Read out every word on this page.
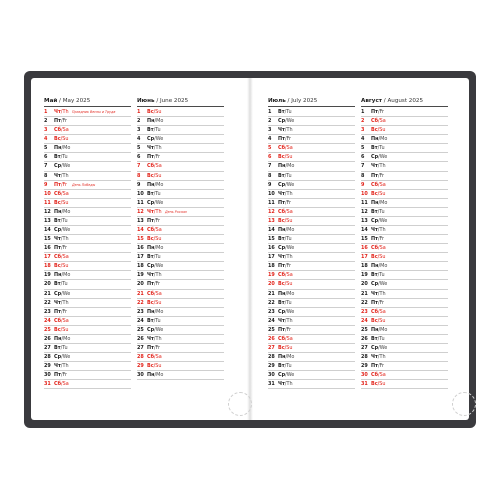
Май / May 2025
1 Чт/Th Праздник Весны и Труда
2 Пт/Fr
3 Сб/Sa
4 Вс/Su
5 Пн/Mo
6 Вт/Tu
7 Ср/We
8 Чт/Th
9 Пт/Fr День Победы
10 Сб/Sa
11 Вс/Su
12 Пн/Mo
13 Вт/Tu
14 Ср/We
15 Чт/Th
16 Пт/Fr
17 Сб/Sa
18 Вс/Su
19 Пн/Mo
20 Вт/Tu
21 Ср/We
22 Чт/Th
23 Пт/Fr
24 Сб/Sa
25 Вс/Su
26 Пн/Mo
27 Вт/Tu
28 Ср/We
29 Чт/Th
30 Пт/Fr
31 Сб/Sa
Июнь / June 2025
1 Вс/Su
2 Пн/Mo
3 Вт/Tu
4 Ср/We
5 Чт/Th
6 Пт/Fr
7 Сб/Sa
8 Вс/Su
9 Пн/Mo
10 Вт/Tu
11 Ср/We
12 Чт/Th День России
13 Пт/Fr
14 Сб/Sa
15 Вс/Su
16 Пн/Mo
17 Вт/Tu
18 Ср/We
19 Чт/Th
20 Пт/Fr
21 Сб/Sa
22 Вс/Su
23 Пн/Mo
24 Вт/Tu
25 Ср/We
26 Чт/Th
27 Пт/Fr
28 Сб/Sa
29 Вс/Su
30 Пн/Mo
Июль / July 2025
1 Вт/Tu
2 Ср/We
3 Чт/Th
4 Пт/Fr
5 Сб/Sa
6 Вс/Su
7 Пн/Mo
8 Вт/Tu
9 Ср/We
10 Чт/Th
11 Пт/Fr
12 Сб/Sa
13 Вс/Su
14 Пн/Mo
15 Вт/Tu
16 Ср/We
17 Чт/Th
18 Пт/Fr
19 Сб/Sa
20 Вс/Su
21 Пн/Mo
22 Вт/Tu
23 Ср/We
24 Чт/Th
25 Пт/Fr
26 Сб/Sa
27 Вс/Su
28 Пн/Mo
29 Вт/Tu
30 Ср/We
31 Чт/Th
Август / August 2025
1 Пт/Fr
2 Сб/Sa
3 Вс/Su
4 Пн/Mo
5 Вт/Tu
6 Ср/We
7 Чт/Th
8 Пт/Fr
9 Сб/Sa
10 Вс/Su
11 Пн/Mo
12 Вт/Tu
13 Ср/We
14 Чт/Th
15 Пт/Fr
16 Сб/Sa
17 Вс/Su
18 Пн/Mo
19 Вт/Tu
20 Ср/We
21 Чт/Th
22 Пт/Fr
23 Сб/Sa
24 Вс/Su
25 Пн/Mo
26 Вт/Tu
27 Ср/We
28 Чт/Th
29 Пт/Fr
30 Сб/Sa
31 Вс/Su
